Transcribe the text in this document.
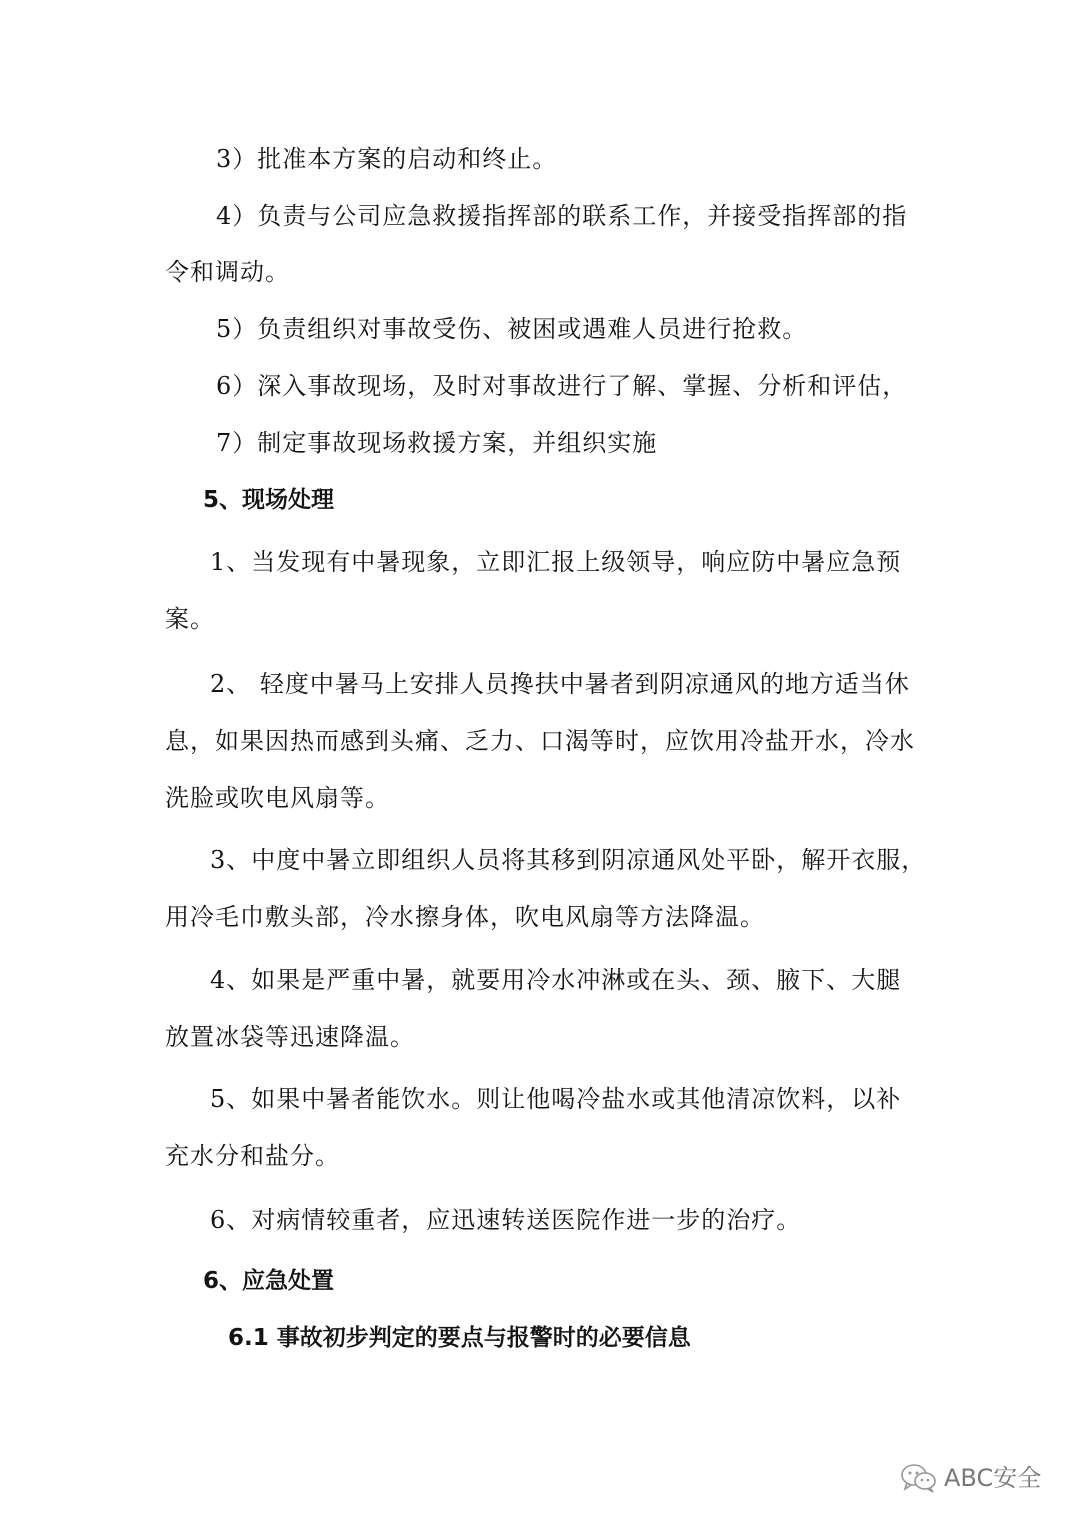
3）批准本方案的启动和终止。
4）负责与公司应急救援指挥部的联系工作，并接受指挥部的指
令和调动。
5）负责组织对事故受伤、被困或遇难人员进行抢救。
6）深入事故现场，及时对事故进行了解、掌握、分析和评估，
7）制定事故现场救援方案，并组织实施
5、现场处理
1、当发现有中暑现象，立即汇报上级领导，响应防中暑应急预
案。
2、 轻度中暑马上安排人员搀扶中暑者到阴凉通风的地方适当休
息，如果因热而感到头痛、乏力、口渴等时，应饮用冷盐开水，冷水
洗脸或吹电风扇等。
3、中度中暑立即组织人员将其移到阴凉通风处平卧，解开衣服，
用冷毛巾敷头部，冷水擦身体，吹电风扇等方法降温。
4、如果是严重中暑，就要用冷水冲淋或在头、颈、腋下、大腿
放置冰袋等迅速降温。
5、如果中暑者能饮水。则让他喝冷盐水或其他清凉饮料，以补
充水分和盐分。
6、对病情较重者，应迅速转送医院作进一步的治疗。
6、应急处置
6.1 事故初步判定的要点与报警时的必要信息
ABC安全
